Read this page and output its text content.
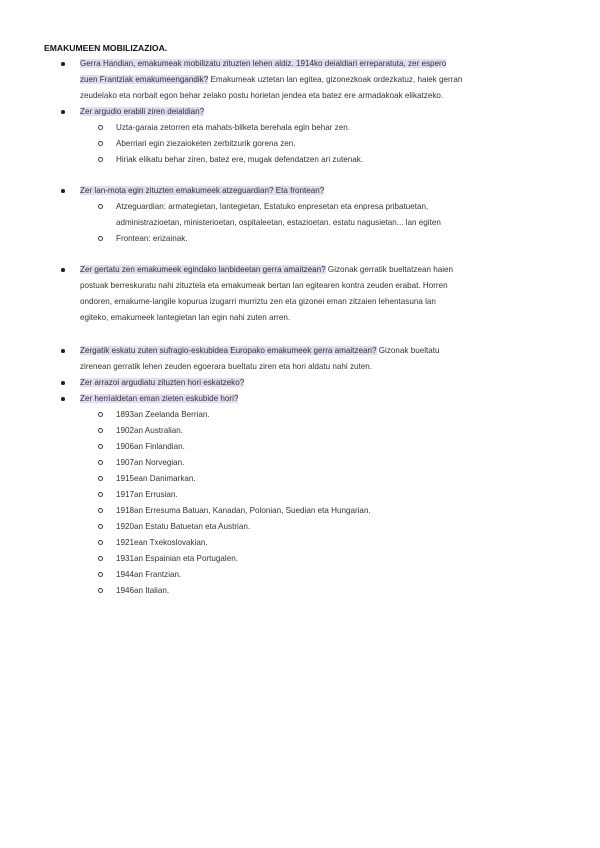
EMAKUMEEN MOBILIZAZIOA.
Gerra Handian, emakumeak mobilizatu zituzten lehen aldiz. 1914ko deialdiari erreparatuta, zer espero
zuen Frantziak emakumeengandik? Emakumeak uztetan lan egitea, gizonezkoak ordezkatuz, haiek gerran
zeudelako eta norbait egon behar zelako postu horietan jendea eta batez ere armadakoak elikatzeko.
Zer argudio erabili ziren deialdian?
Uzta-garaia zetorren eta mahats-bilketa berehala egin behar zen.
Aberriari egin ziezaioketen zerbitzurik gorena zen.
Hiriak elikatu behar ziren, batez ere, mugak defendatzen ari zutenak.
Zer lan-mota egin zituzten emakumeek atzeguardian? Eta frontean?
Atzeguardian: armategietan, lantegietan, Estatuko enpresetan eta enpresa pribatuetan,
administrazioetan, ministerioetan, ospitaleetan, estazioetan. estatu nagusietan... lan egiten
Frontean: erizainak.
Zer gertatu zen emakumeek egindako lanbideetan gerra amaitzean? Gizonak gerratik bueltatzean haien
postuak berreskuratu nahi zituztela eta emakumeak bertan lan egitearen kontra zeuden erabat. Horren
ondoren, emakume-langile kopurua izugarri murriztu zen eta gizonei eman zitzaien lehentasuna lan
egiteko, emakumeek lantegietan lan egin nahi zuten arren.
Zergatik eskatu zuten sufragio-eskubidea Europako emakumeek gerra amaitzean? Gizonak bueltatu
zirenean gerratik lehen zeuden egoerara bueltatu ziren eta hori aldatu nahi zuten.
Zer arrazoi argudiatu zituzten hori eskatzeko?
Zer herrialdetan eman zieten eskubide hori?
1893an Zeelanda Berrian.
1902an Australian.
1906an Finlandian.
1907an Norvegian.
1915ean Danimarkan.
1917an Errusian.
1918an Erresuma Batuan, Kanadan, Polonian, Suedian eta Hungarian.
1920an Estatu Batuetan eta Austrian.
1921ean Txekoslovakian.
1931an Espainian eta Portugalen.
1944an Frantzian.
1946an Italian.
